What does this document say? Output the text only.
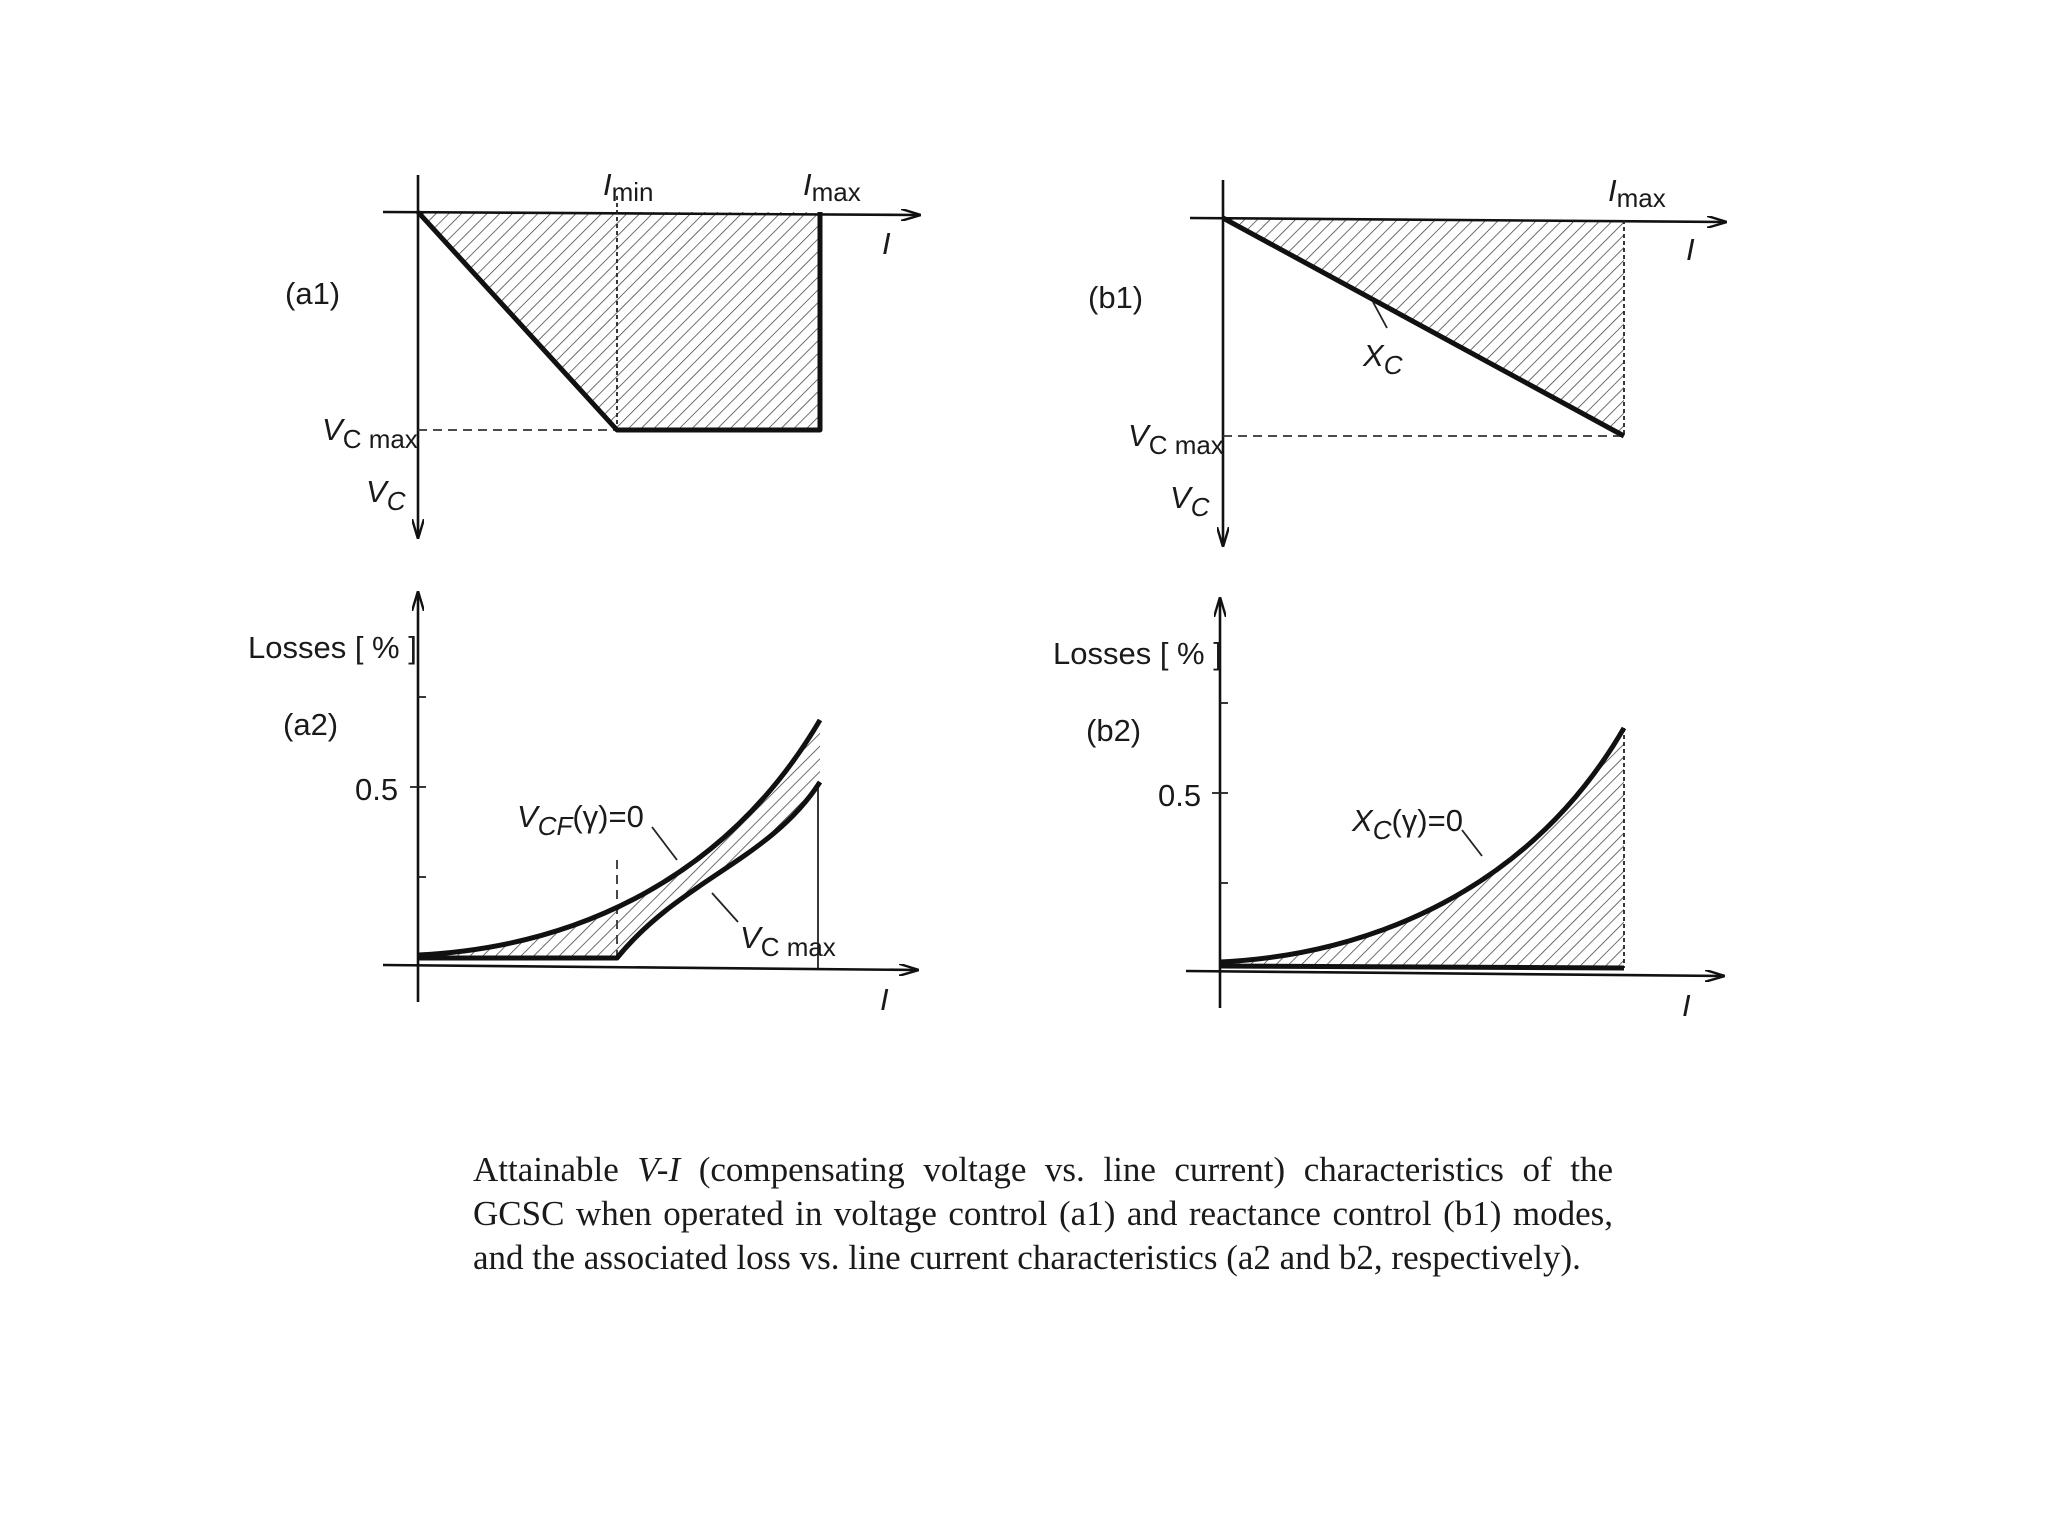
(a1)
I
Imin	Imax
VC max
VC
(b1)
I
Imax
XC
VC max
VC
Losses [ % ]
(a2)
0.5
I
VCF(γ)=0
VC max
Losses [ % ]
(b2)
0.5
I
XC(γ)=0

Attainable V-I (compensating voltage vs. line current) characteristics of the GCSC when operated in voltage control (a1) and reactance control (b1) modes, and the associated loss vs. line current characteristics (a2 and b2, respectively).
